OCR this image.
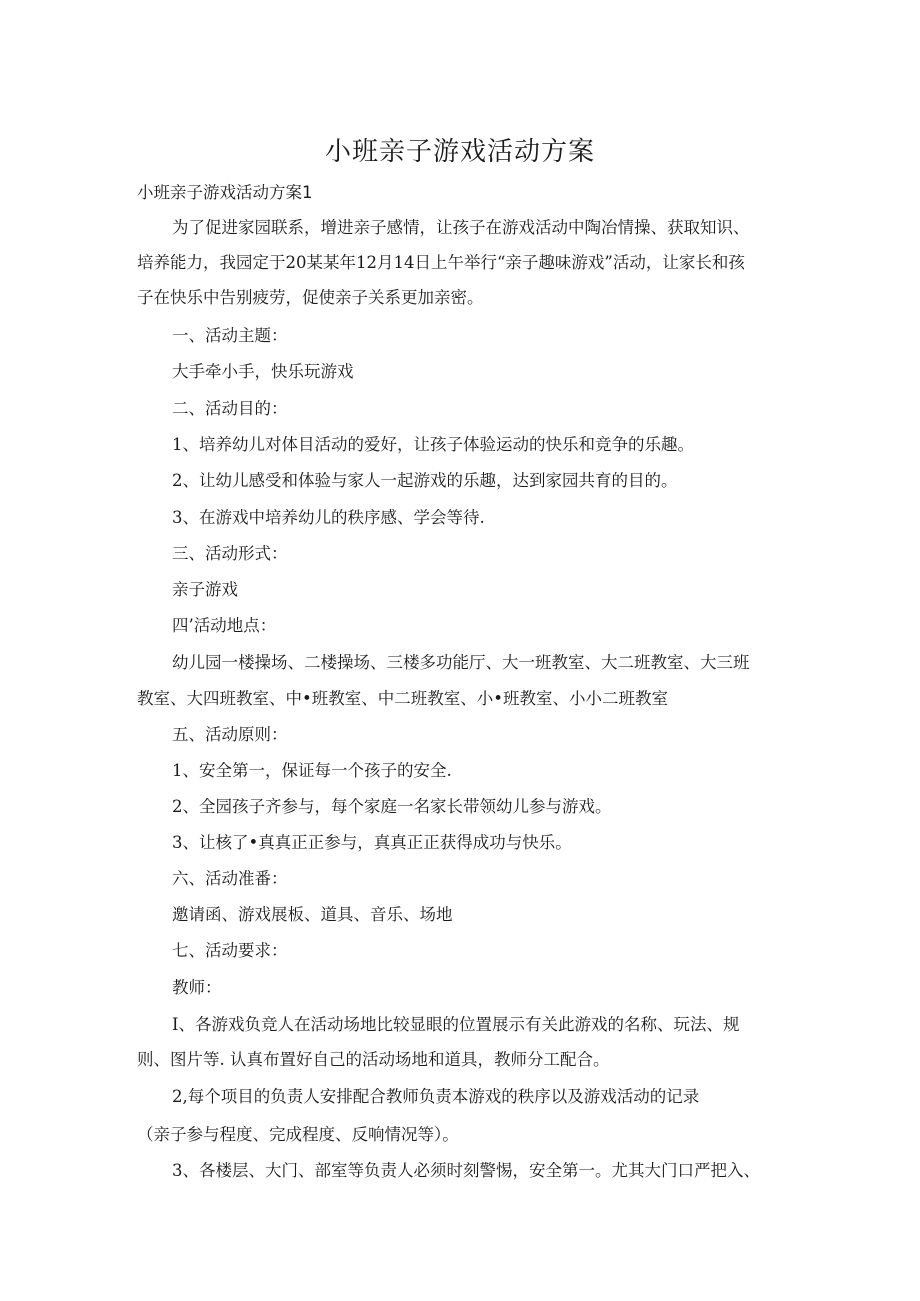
小班亲子游戏活动方案

小班亲子游戏活动方案1

为了促进家园联系，增进亲子感情，让孩子在游戏活动中陶冶情操、获取知识、

培养能力，我园定于20某某年12月14日上午举行“亲子趣味游戏”活动，让家长和孩

子在快乐中告别疲劳，促使亲子关系更加亲密。

一、活动主题：

大手牵小手，快乐玩游戏

二、活动目的：

1、培养幼儿对体目活动的爱好，让孩子体验运动的快乐和竞争的乐趣。

2、让幼儿感受和体验与家人一起游戏的乐趣，达到家园共育的目的。

3、在游戏中培养幼儿的秩序感、学会等待.

三、活动形式：

亲子游戏

四’活动地点：

幼儿园一楼操场、二楼操场、三楼多功能厅、大一班教室、大二班教室、大三班

教室、大四班教室、中•班教室、中二班教室、小•班教室、小小二班教室

五、活动原则：

1、安全第一，保证每一个孩子的安全.

2、全园孩子齐参与，每个家庭一名家长带领幼儿参与游戏。

3、让核了•真真正正参与，真真正正获得成功与快乐。

六、活动准番：

邀请函、游戏展板、道具、音乐、场地

七、活动要求：

教师：

I、各游戏负竞人在活动场地比较显眼的位置展示有关此游戏的名称、玩法、规

则、图片等. 认真布置好自己的活动场地和道具，教师分工配合。

2,每个项目的负责人安排配合教师负责本游戏的秩序以及游戏活动的记录

（亲子参与程度、完成程度、反响情况等）。

3、各楼层、大门、部室等负责人必须时刻警惕，安全第一。尤其大门口严把入、
